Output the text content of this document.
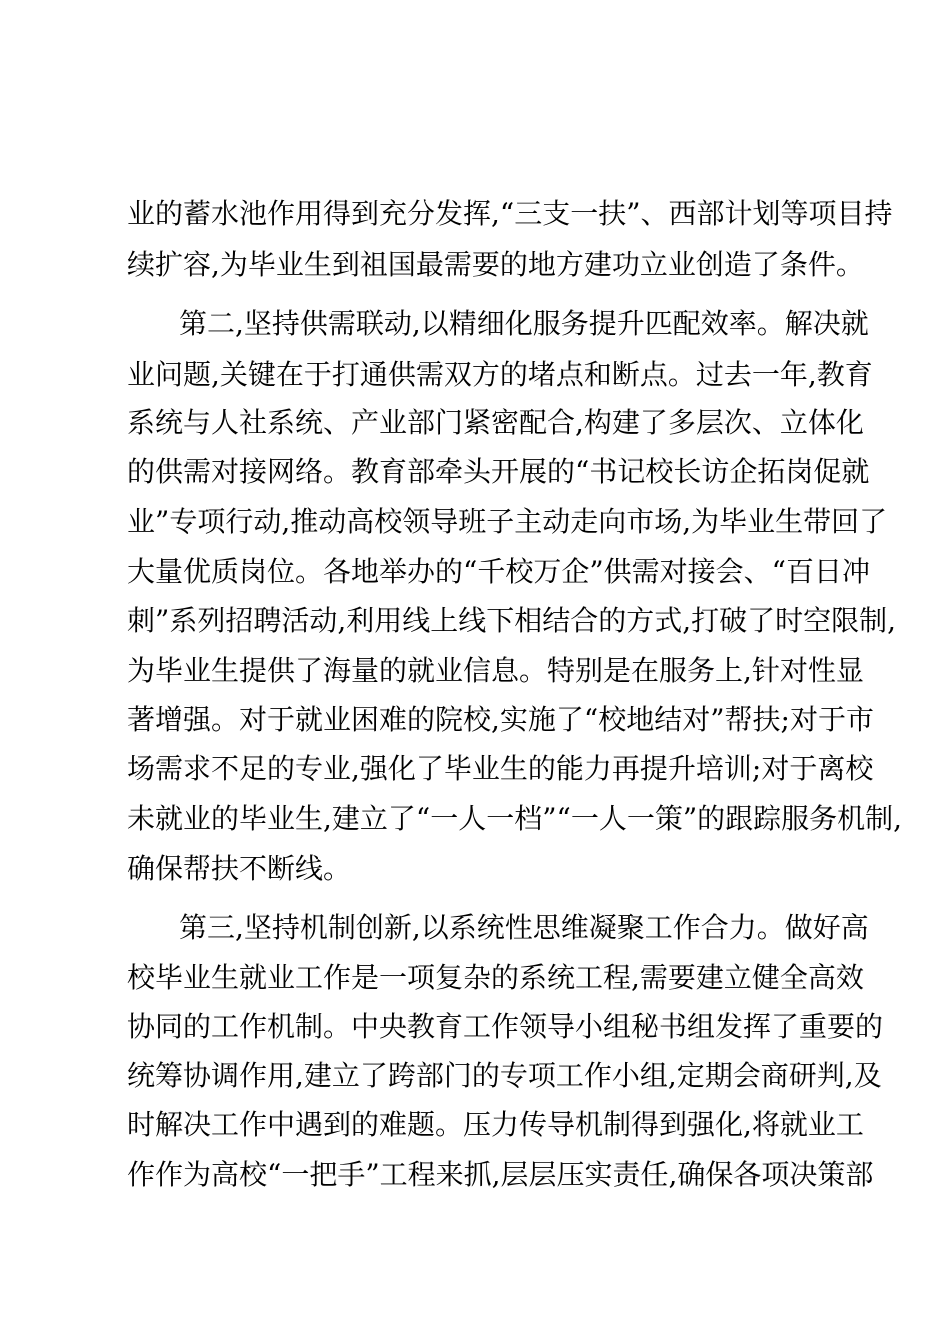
业的蓄水池作用得到充分发挥,“三支一扶”、西部计划等项目持
续扩容,为毕业生到祖国最需要的地方建功立业创造了条件。
第二,坚持供需联动,以精细化服务提升匹配效率。解决就
业问题,关键在于打通供需双方的堵点和断点。过去一年,教育
系统与人社系统、产业部门紧密配合,构建了多层次、立体化
的供需对接网络。教育部牵头开展的“书记校长访企拓岗促就
业”专项行动,推动高校领导班子主动走向市场,为毕业生带回了
大量优质岗位。各地举办的“千校万企”供需对接会、“百日冲
刺”系列招聘活动,利用线上线下相结合的方式,打破了时空限制,
为毕业生提供了海量的就业信息。特别是在服务上,针对性显
著增强。对于就业困难的院校,实施了“校地结对”帮扶;对于市
场需求不足的专业,强化了毕业生的能力再提升培训;对于离校
未就业的毕业生,建立了“一人一档”“一人一策”的跟踪服务机制,
确保帮扶不断线。
第三,坚持机制创新,以系统性思维凝聚工作合力。做好高
校毕业生就业工作是一项复杂的系统工程,需要建立健全高效
协同的工作机制。中央教育工作领导小组秘书组发挥了重要的
统筹协调作用,建立了跨部门的专项工作小组,定期会商研判,及
时解决工作中遇到的难题。压力传导机制得到强化,将就业工
作作为高校“一把手”工程来抓,层层压实责任,确保各项决策部
